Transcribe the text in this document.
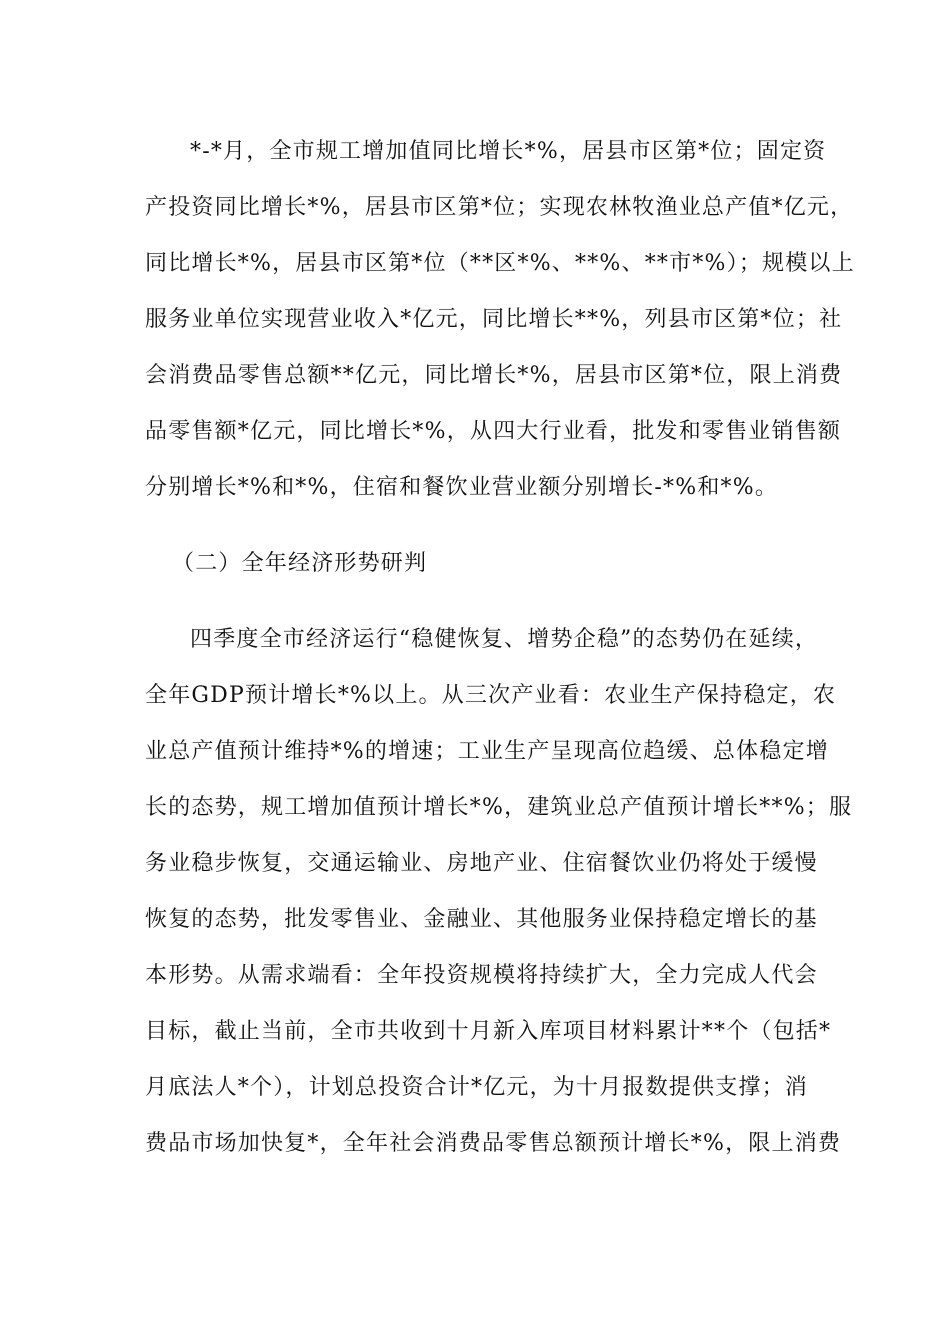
*-*月，全市规工增加值同比增长*%，居县市区第*位；固定资
产投资同比增长*%，居县市区第*位；实现农林牧渔业总产值*亿元，
同比增长*%，居县市区第*位（**区*%、**%、**市*%）；规模以上
服务业单位实现营业收入*亿元，同比增长**%，列县市区第*位；社
会消费品零售总额**亿元，同比增长*%，居县市区第*位，限上消费
品零售额*亿元，同比增长*%，从四大行业看，批发和零售业销售额
分别增长*%和*%，住宿和餐饮业营业额分别增长-*%和*%。
（二）全年经济形势研判
四季度全市经济运行“稳健恢复、增势企稳”的态势仍在延续，
全年GDP预计增长*%以上。从三次产业看：农业生产保持稳定，农
业总产值预计维持*%的增速；工业生产呈现高位趋缓、总体稳定增
长的态势，规工增加值预计增长*%，建筑业总产值预计增长**%；服
务业稳步恢复，交通运输业、房地产业、住宿餐饮业仍将处于缓慢
恢复的态势，批发零售业、金融业、其他服务业保持稳定增长的基
本形势。从需求端看：全年投资规模将持续扩大，全力完成人代会
目标，截止当前，全市共收到十月新入库项目材料累计**个（包括*
月底法人*个），计划总投资合计*亿元，为十月报数提供支撑；消
费品市场加快复*，全年社会消费品零售总额预计增长*%，限上消费
